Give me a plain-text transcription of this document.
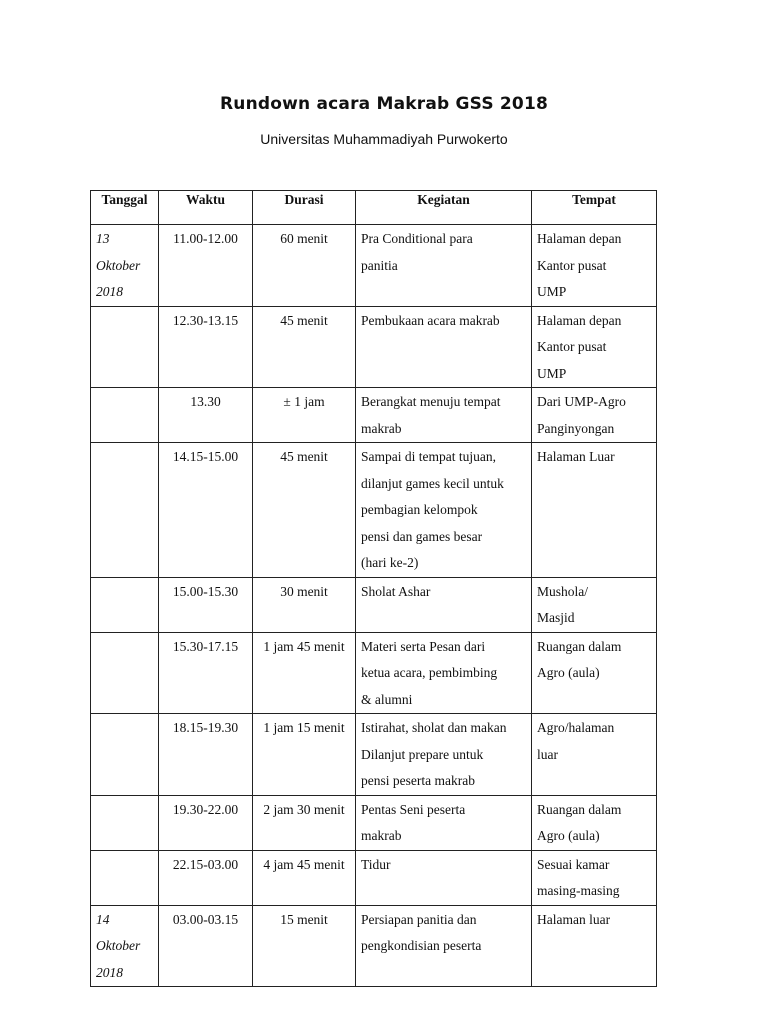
Rundown acara Makrab GSS 2018
Universitas Muhammadiyah Purwokerto
Tanggal	Waktu	Durasi	Kegiatan	Tempat
13
Oktober
2018	11.00-12.00	60 menit	Pra Conditional para
panitia	Halaman depan
Kantor pusat
UMP
	12.30-13.15	45 menit	Pembukaan acara makrab	Halaman depan
Kantor pusat
UMP
	13.30	± 1 jam	Berangkat menuju tempat
makrab	Dari UMP-Agro
Panginyongan
	14.15-15.00	45 menit	Sampai di tempat tujuan,
dilanjut games kecil untuk
pembagian kelompok
pensi dan games besar
(hari ke-2)	Halaman Luar
	15.00-15.30	30 menit	Sholat Ashar	Mushola/
Masjid
	15.30-17.15	1 jam 45 menit	Materi serta Pesan dari
ketua acara, pembimbing
& alumni	Ruangan dalam
Agro (aula)
	18.15-19.30	1 jam 15 menit	Istirahat, sholat dan makan
Dilanjut prepare untuk
pensi peserta makrab	Agro/halaman
luar
	19.30-22.00	2 jam 30 menit	Pentas Seni peserta
makrab	Ruangan dalam
Agro (aula)
	22.15-03.00	4 jam 45 menit	Tidur	Sesuai kamar
masing-masing
14
Oktober
2018	03.00-03.15	15 menit	Persiapan panitia dan
pengkondisian peserta	Halaman luar
